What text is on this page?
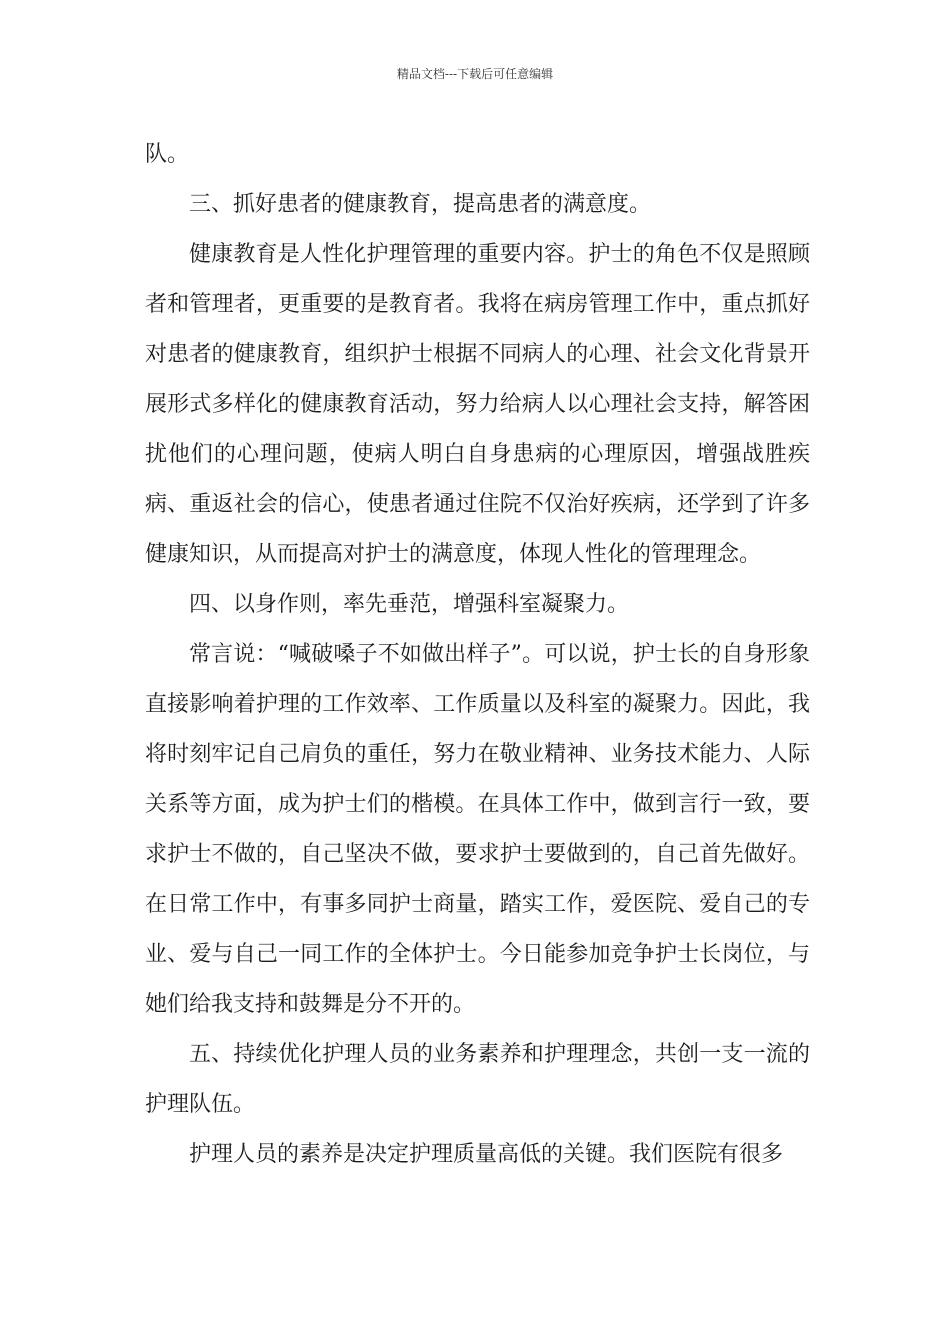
精品文档---下载后可任意编辑

队。

三、抓好患者的健康教育，提高患者的满意度。

健康教育是人性化护理管理的重要内容。护士的角色不仅是照顾者和管理者，更重要的是教育者。我将在病房管理工作中，重点抓好对患者的健康教育，组织护士根据不同病人的心理、社会文化背景开展形式多样化的健康教育活动，努力给病人以心理社会支持，解答困扰他们的心理问题，使病人明白自身患病的心理原因，增强战胜疾病、重返社会的信心，使患者通过住院不仅治好疾病，还学到了许多健康知识，从而提高对护士的满意度，体现人性化的管理理念。

四、以身作则，率先垂范，增强科室凝聚力。

常言说：“喊破嗓子不如做出样子”。可以说，护士长的自身形象直接影响着护理的工作效率、工作质量以及科室的凝聚力。因此，我将时刻牢记自己肩负的重任，努力在敬业精神、业务技术能力、人际关系等方面，成为护士们的楷模。在具体工作中，做到言行一致，要求护士不做的，自己坚决不做，要求护士要做到的，自己首先做好。在日常工作中，有事多同护士商量，踏实工作，爱医院、爱自己的专业、爱与自己一同工作的全体护士。今日能参加竞争护士长岗位，与她们给我支持和鼓舞是分不开的。

五、持续优化护理人员的业务素养和护理理念，共创一支一流的护理队伍。

护理人员的素养是决定护理质量高低的关键。我们医院有很多
